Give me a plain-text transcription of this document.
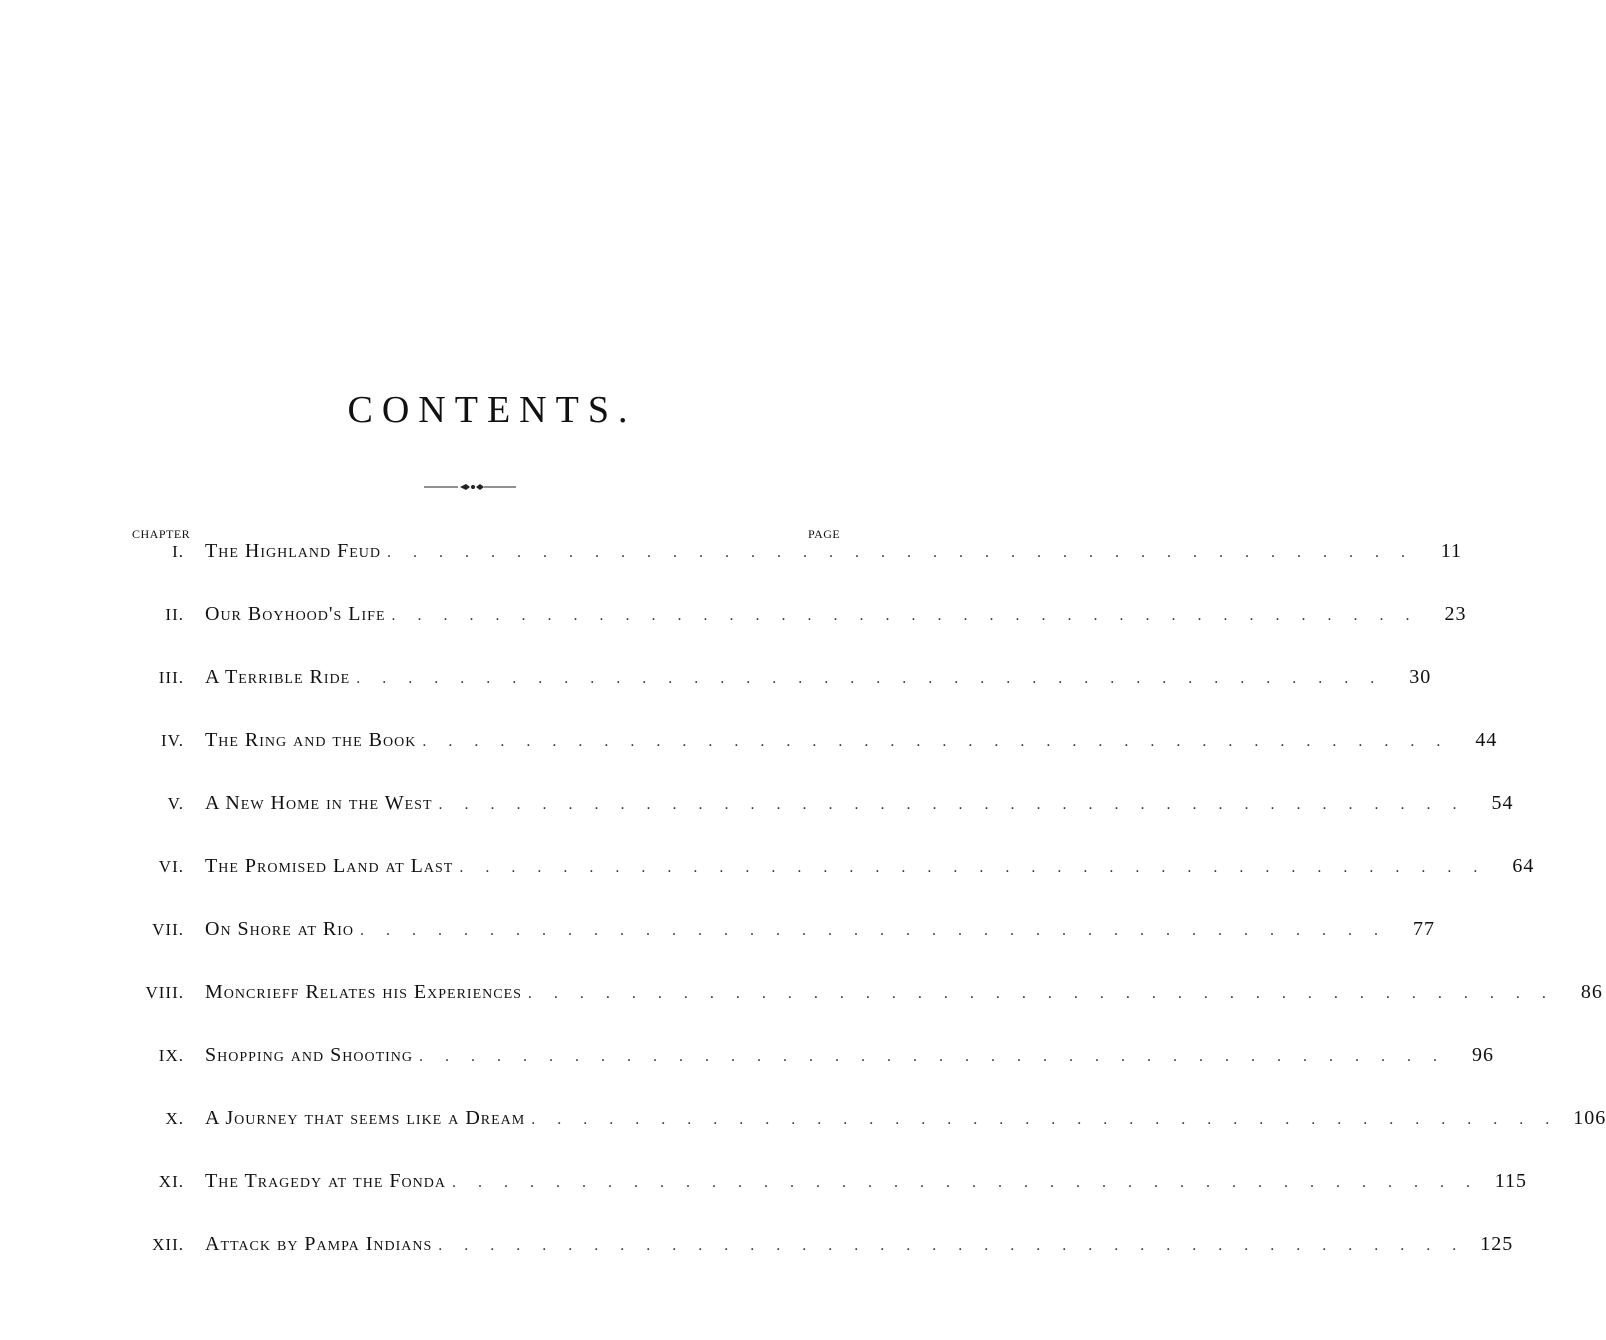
CONTENTS.
CHAPTER	PAGE
I. The Highland Feud . . . . . . . . . . . . . . . . . . . . . . . . . . . . . . . . . . . . . . . .	11
II. Our Boyhood's Life . . . . . . . . . . . . . . . . . . . . . . . . . . . . . . . . . . . . . . . .	23
III. A Terrible Ride . . . . . . . . . . . . . . . . . . . . . . . . . . . . . . . . . . . . . . . .	30
IV. The Ring and the Book . . . . . . . . . . . . . . . . . . . . . . . . . . . . . . . . . . . . . . . .	44
V. A New Home in the West . . . . . . . . . . . . . . . . . . . . . . . . . . . . . . . . . . . . . . . .	54
VI. The Promised Land at Last . . . . . . . . . . . . . . . . . . . . . . . . . . . . . . . . . . . . . . . .	64
VII. On Shore at Rio . . . . . . . . . . . . . . . . . . . . . . . . . . . . . . . . . . . . . . . .	77
VIII. Moncrieff Relates his Experiences . . . . . . . . . . . . . . . . . . . . . . . . . . . . . . . . . . . . . . . .	86
IX. Shopping and Shooting . . . . . . . . . . . . . . . . . . . . . . . . . . . . . . . . . . . . . . . .	96
X. A Journey that seems like a Dream . . . . . . . . . . . . . . . . . . . . . . . . . . . . . . . . . . . . . . . . 106
XI. The Tragedy at the Fonda . . . . . . . . . . . . . . . . . . . . . . . . . . . . . . . . . . . . . . . . 115
XII. Attack by Pampa Indians . . . . . . . . . . . . . . . . . . . . . . . . . . . . . . . . . . . . . . . . 125
